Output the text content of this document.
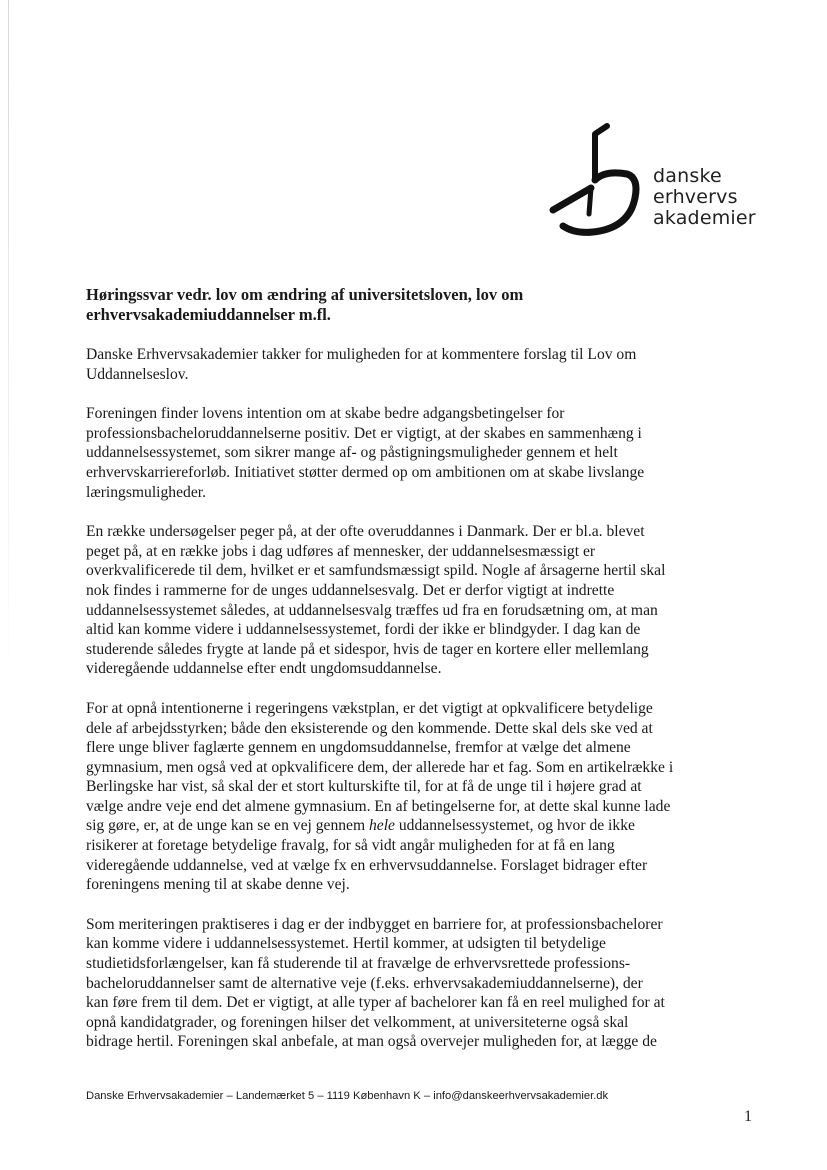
danske
erhvervs
akademier
Høringssvar vedr. lov om ændring af universitetsloven, lov om
erhvervsakademiuddannelser m.fl.
Danske Erhvervsakademier takker for muligheden for at kommentere forslag til Lov om
Uddannelseslov.
Foreningen finder lovens intention om at skabe bedre adgangsbetingelser for
professionsbacheloruddannelserne positiv. Det er vigtigt, at der skabes en sammenhæng i
uddannelsessystemet, som sikrer mange af- og påstigningsmuligheder gennem et helt
erhvervskarriereforløb. Initiativet støtter dermed op om ambitionen om at skabe livslange
læringsmuligheder.
En række undersøgelser peger på, at der ofte overuddannes i Danmark. Der er bl.a. blevet
peget på, at en række jobs i dag udføres af mennesker, der uddannelsesmæssigt er
overkvalificerede til dem, hvilket er et samfundsmæssigt spild. Nogle af årsagerne hertil skal
nok findes i rammerne for de unges uddannelsesvalg. Det er derfor vigtigt at indrette
uddannelsessystemet således, at uddannelsesvalg træffes ud fra en forudsætning om, at man
altid kan komme videre i uddannelsessystemet, fordi der ikke er blindgyder. I dag kan de
studerende således frygte at lande på et sidespor, hvis de tager en kortere eller mellemlang
videregående uddannelse efter endt ungdomsuddannelse.
For at opnå intentionerne i regeringens vækstplan, er det vigtigt at opkvalificere betydelige
dele af arbejdsstyrken; både den eksisterende og den kommende. Dette skal dels ske ved at
flere unge bliver faglærte gennem en ungdomsuddannelse, fremfor at vælge det almene
gymnasium, men også ved at opkvalificere dem, der allerede har et fag. Som en artikelrække i
Berlingske har vist, så skal der et stort kulturskifte til, for at få de unge til i højere grad at
vælge andre veje end det almene gymnasium. En af betingelserne for, at dette skal kunne lade
sig gøre, er, at de unge kan se en vej gennem hele uddannelsessystemet, og hvor de ikke
risikerer at foretage betydelige fravalg, for så vidt angår muligheden for at få en lang
videregående uddannelse, ved at vælge fx en erhvervsuddannelse. Forslaget bidrager efter
foreningens mening til at skabe denne vej.
Som meriteringen praktiseres i dag er der indbygget en barriere for, at professionsbachelorer
kan komme videre i uddannelsessystemet. Hertil kommer, at udsigten til betydelige
studietidsforlængelser, kan få studerende til at fravælge de erhvervsrettede professions-
bacheloruddannelser samt de alternative veje (f.eks. erhvervsakademiuddannelserne), der
kan føre frem til dem. Det er vigtigt, at alle typer af bachelorer kan få en reel mulighed for at
opnå kandidatgrader, og foreningen hilser det velkomment, at universiteterne også skal
bidrage hertil. Foreningen skal anbefale, at man også overvejer muligheden for, at lægge de
Danske Erhvervsakademier – Landemærket 5 – 1119 København K – info@danskeerhvervsakademier.dk
1
